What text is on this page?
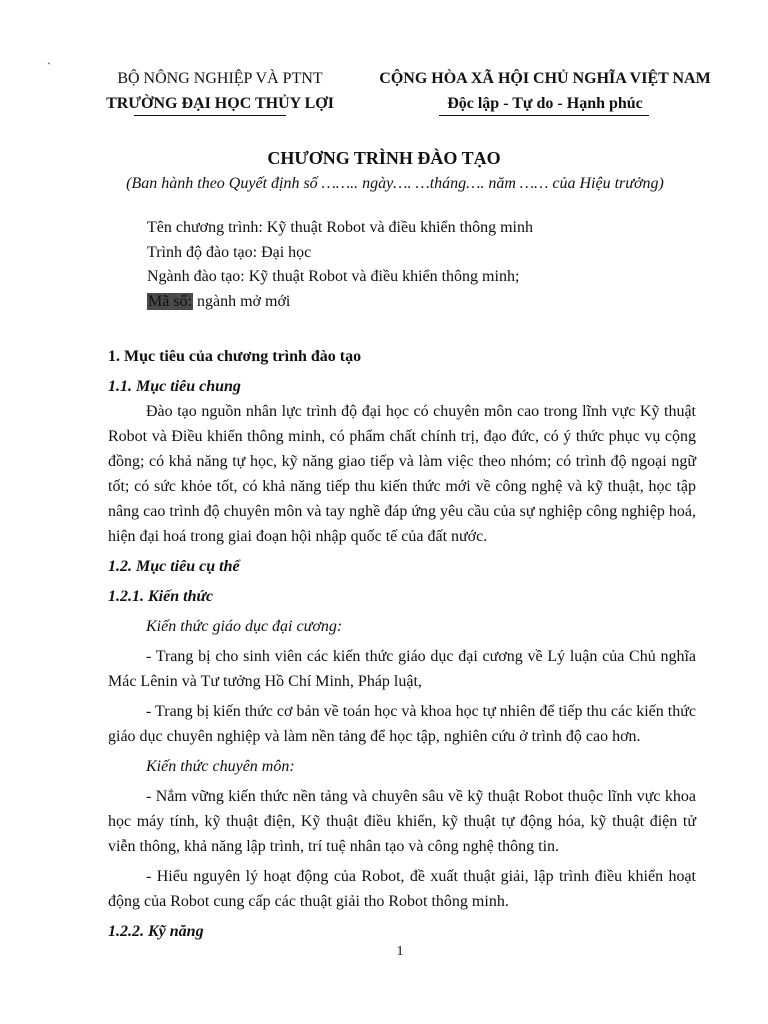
`
BỘ NÔNG NGHIỆP VÀ PTNT
TRƯỜNG ĐẠI HỌC THỦY LỢI
CỘNG HÒA XÃ HỘI CHỦ NGHĨA VIỆT NAM
Độc lập - Tự do - Hạnh phúc
CHƯƠNG TRÌNH ĐÀO TẠO
(Ban hành theo Quyết định số …….. ngày…. …tháng…. năm …… của Hiệu trưởng)
Tên chương trình: Kỹ thuật Robot và điều khiển thông minh
Trình độ đào tạo: Đại học
Ngành đào tạo: Kỹ thuật Robot và điều khiển thông minh;
Mã số: ngành mở mới

1. Mục tiêu của chương trình đào tạo

1.1. Mục tiêu chung

Đào tạo nguồn nhân lực trình độ đại học có chuyên môn cao trong lĩnh vực Kỹ thuật Robot và Điều khiển thông minh, có phẩm chất chính trị, đạo đức, có ý thức phục vụ cộng đồng; có khả năng tự học, kỹ năng giao tiếp và làm việc theo nhóm; có trình độ ngoại ngữ tốt; có sức khỏe tốt, có khả năng tiếp thu kiến thức mới về công nghệ và kỹ thuật, học tập nâng cao trình độ chuyên môn và tay nghề đáp ứng yêu cầu của sự nghiệp công nghiệp hoá, hiện đại hoá trong giai đoạn hội nhập quốc tế của đất nước.

1.2. Mục tiêu cụ thể

1.2.1. Kiến thức

Kiến thức giáo dục đại cương:

- Trang bị cho sinh viên các kiến thức giáo dục đại cương về Lý luận của Chủ nghĩa Mác Lênin và Tư tưởng Hồ Chí Minh, Pháp luật,

- Trang bị kiến thức cơ bản về toán học và khoa học tự nhiên để tiếp thu các kiến thức giáo dục chuyên nghiệp và làm nền tảng để học tập, nghiên cứu ở trình độ cao hơn.

Kiến thức chuyên môn:

- Nắm vững kiến thức nền tảng và chuyên sâu về kỹ thuật Robot thuộc lĩnh vực khoa học máy tính, kỹ thuật điện, Kỹ thuật điều khiển, kỹ thuật tự động hóa, kỹ thuật điện tử viễn thông, khả năng lập trình, trí tuệ nhân tạo và công nghệ thông tin.

- Hiểu nguyên lý hoạt động của Robot, đề xuất thuật giải, lập trình điều khiển hoạt động của Robot cung cấp các thuật giải tho Robot thông minh.

1.2.2. Kỹ năng

1
